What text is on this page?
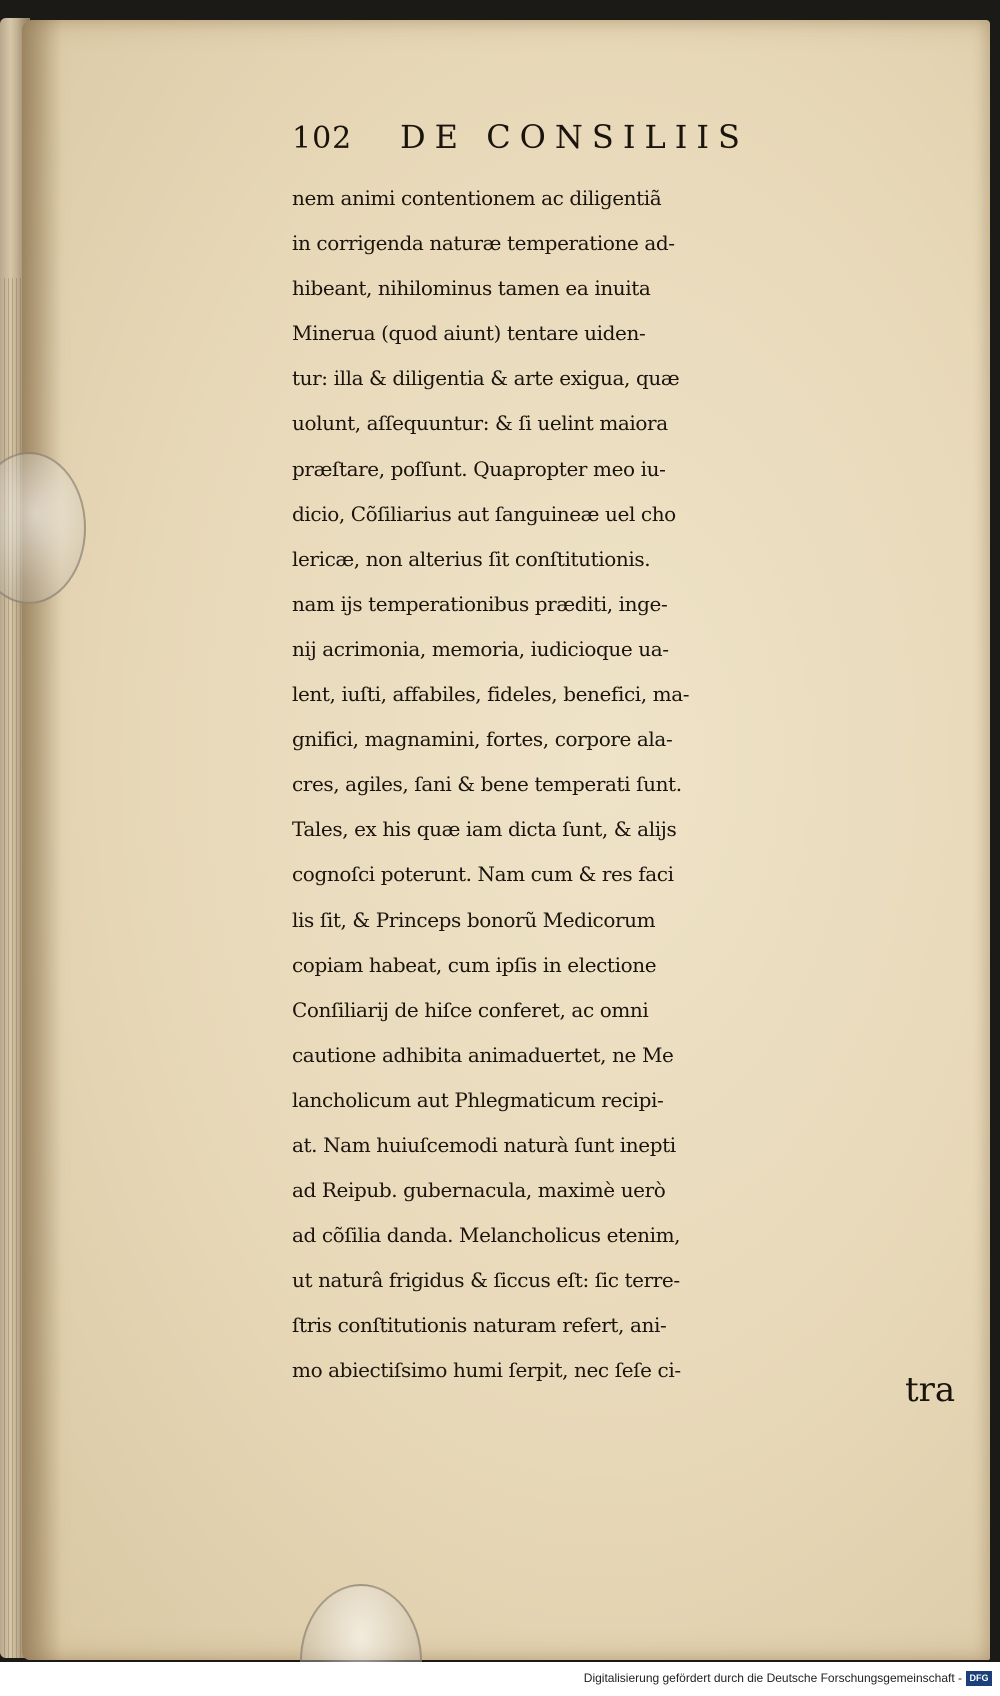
102	DE CONSILIIS
nem animi contentionem ac diligentiã
in corrigenda naturæ temperatione ad-
hibeant, nihilominus tamen ea inuita
Minerua (quod aiunt) tentare uiden-
tur: illa & diligentia & arte exigua, quæ
uolunt, aſſequuntur: & ſi uelint maiora
præſtare, poſſunt. Quapropter meo iu-
dicio, Cõſiliarius aut ſanguineæ uel cho
lericæ, non alterius ſit conſtitutionis.
nam ijs temperationibus præditi, inge-
nij acrimonia, memoria, iudicioque ua-
lent, iuſti, affabiles, fideles, benefici, ma-
gnifici, magnamini, fortes, corpore ala-
cres, agiles, ſani & bene temperati ſunt.
Tales, ex his quæ iam dicta ſunt, & alijs
cognoſci poterunt. Nam cum & res faci
lis ſit, & Princeps bonorũ Medicorum
copiam habeat, cum ipſis in electione
Conſiliarij de hiſce conferet, ac omni
cautione adhibita animaduertet, ne Me
lancholicum aut Phlegmaticum recipi-
at. Nam huiuſcemodi naturà ſunt inepti
ad Reipub. gubernacula, maximè uerò
ad cõſilia danda. Melancholicus etenim,
ut naturâ frigidus & ſiccus eſt: ſic terre-
ſtris conſtitutionis naturam refert, ani-
mo abiectiſsimo humi ſerpit, nec ſeſe ci-	tra
Digitalisierung gefördert durch die Deutsche Forschungsgemeinschaft - DFG
